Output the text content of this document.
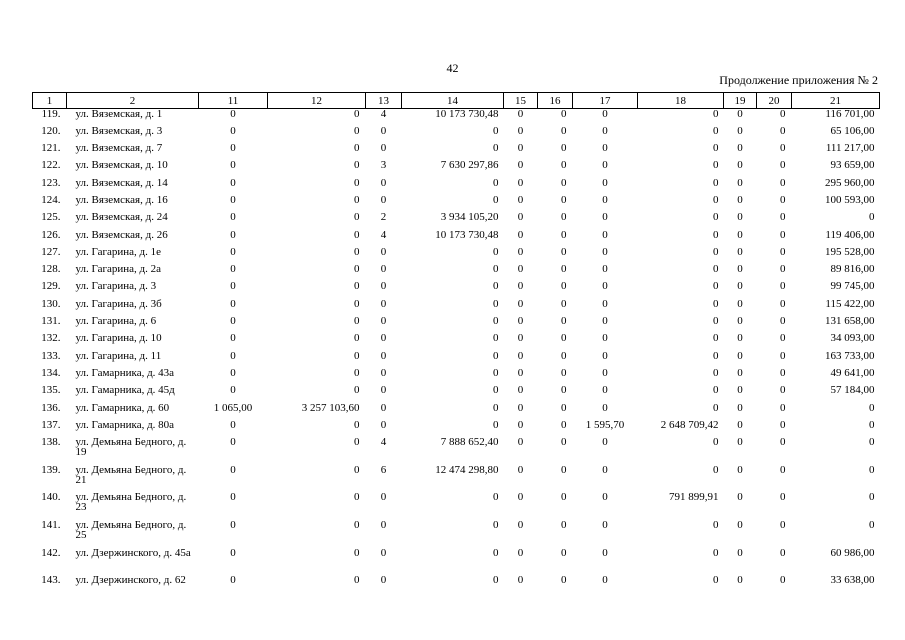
42
Продолжение приложения № 2
1	2	11	12	13	14	15	16	17	18	19	20	21
119.	ул. Вяземская, д. 1	0	0	4	10 173 730,48	0	0	0	0	0	0	116 701,00
120.	ул. Вяземская, д. 3	0	0	0	0	0	0	0	0	0	0	65 106,00
121.	ул. Вяземская, д. 7	0	0	0	0	0	0	0	0	0	0	111 217,00
122.	ул. Вяземская, д. 10	0	0	3	7 630 297,86	0	0	0	0	0	0	93 659,00
123.	ул. Вяземская, д. 14	0	0	0	0	0	0	0	0	0	0	295 960,00
124.	ул. Вяземская, д. 16	0	0	0	0	0	0	0	0	0	0	100 593,00
125.	ул. Вяземская, д. 24	0	0	2	3 934 105,20	0	0	0	0	0	0	0
126.	ул. Вяземская, д. 26	0	0	4	10 173 730,48	0	0	0	0	0	0	119 406,00
127.	ул. Гагарина, д. 1е	0	0	0	0	0	0	0	0	0	0	195 528,00
128.	ул. Гагарина, д. 2а	0	0	0	0	0	0	0	0	0	0	89 816,00
129.	ул. Гагарина, д. 3	0	0	0	0	0	0	0	0	0	0	99 745,00
130.	ул. Гагарина, д. 3б	0	0	0	0	0	0	0	0	0	0	115 422,00
131.	ул. Гагарина, д. 6	0	0	0	0	0	0	0	0	0	0	131 658,00
132.	ул. Гагарина, д. 10	0	0	0	0	0	0	0	0	0	0	34 093,00
133.	ул. Гагарина, д. 11	0	0	0	0	0	0	0	0	0	0	163 733,00
134.	ул. Гамарника, д. 43а	0	0	0	0	0	0	0	0	0	0	49 641,00
135.	ул. Гамарника, д. 45д	0	0	0	0	0	0	0	0	0	0	57 184,00
136.	ул. Гамарника, д. 60	1 065,00	3 257 103,60	0	0	0	0	0	0	0	0	0
137.	ул. Гамарника, д. 80а	0	0	0	0	0	0	1 595,70	2 648 709,42	0	0	0
138.	ул. Демьяна Бедного, д. 19	0	0	4	7 888 652,40	0	0	0	0	0	0	0
139.	ул. Демьяна Бедного, д. 21	0	0	6	12 474 298,80	0	0	0	0	0	0	0
140.	ул. Демьяна Бедного, д. 23	0	0	0	0	0	0	0	791 899,91	0	0	0
141.	ул. Демьяна Бедного, д. 25	0	0	0	0	0	0	0	0	0	0	0
142.	ул. Дзержинского, д. 45а	0	0	0	0	0	0	0	0	0	0	60 986,00
143.	ул. Дзержинского, д. 62	0	0	0	0	0	0	0	0	0	0	33 638,00
